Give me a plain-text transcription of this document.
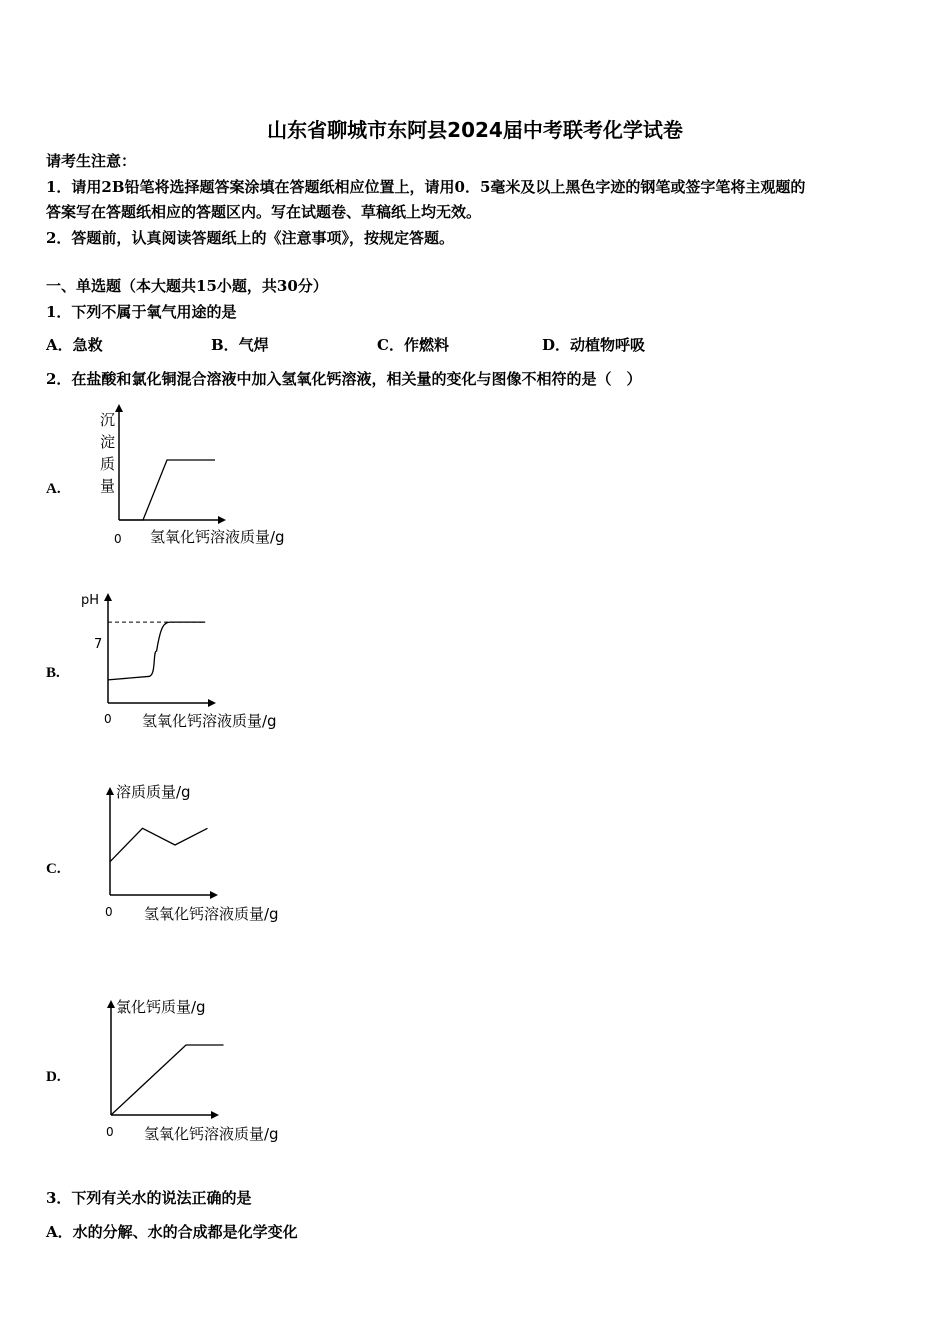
山东省聊城市东阿县2024届中考联考化学试卷
请考生注意：
1．请用2B铅笔将选择题答案涂填在答题纸相应位置上，请用0．5毫米及以上黑色字迹的钢笔或签字笔将主观题的
答案写在答题纸相应的答题区内。写在试题卷、草稿纸上均无效。
2．答题前，认真阅读答题纸上的《注意事项》，按规定答题。
一、单选题（本大题共15小题，共30分）
1．下列不属于氧气用途的是
A．急救	B．气焊	C．作燃料	D．动植物呼吸
2．在盐酸和氯化铜混合溶液中加入氢氧化钙溶液，相关量的变化与图像不相符的是（　）
A.
B.
C.
D.
沉
淀
质
量
0 氢氧化钙溶液质量/g
pH
7
0 氢氧化钙溶液质量/g
溶质质量/g
0 氢氧化钙溶液质量/g
氯化钙质量/g
0 氢氧化钙溶液质量/g
3．下列有关水的说法正确的是
A．水的分解、水的合成都是化学变化
